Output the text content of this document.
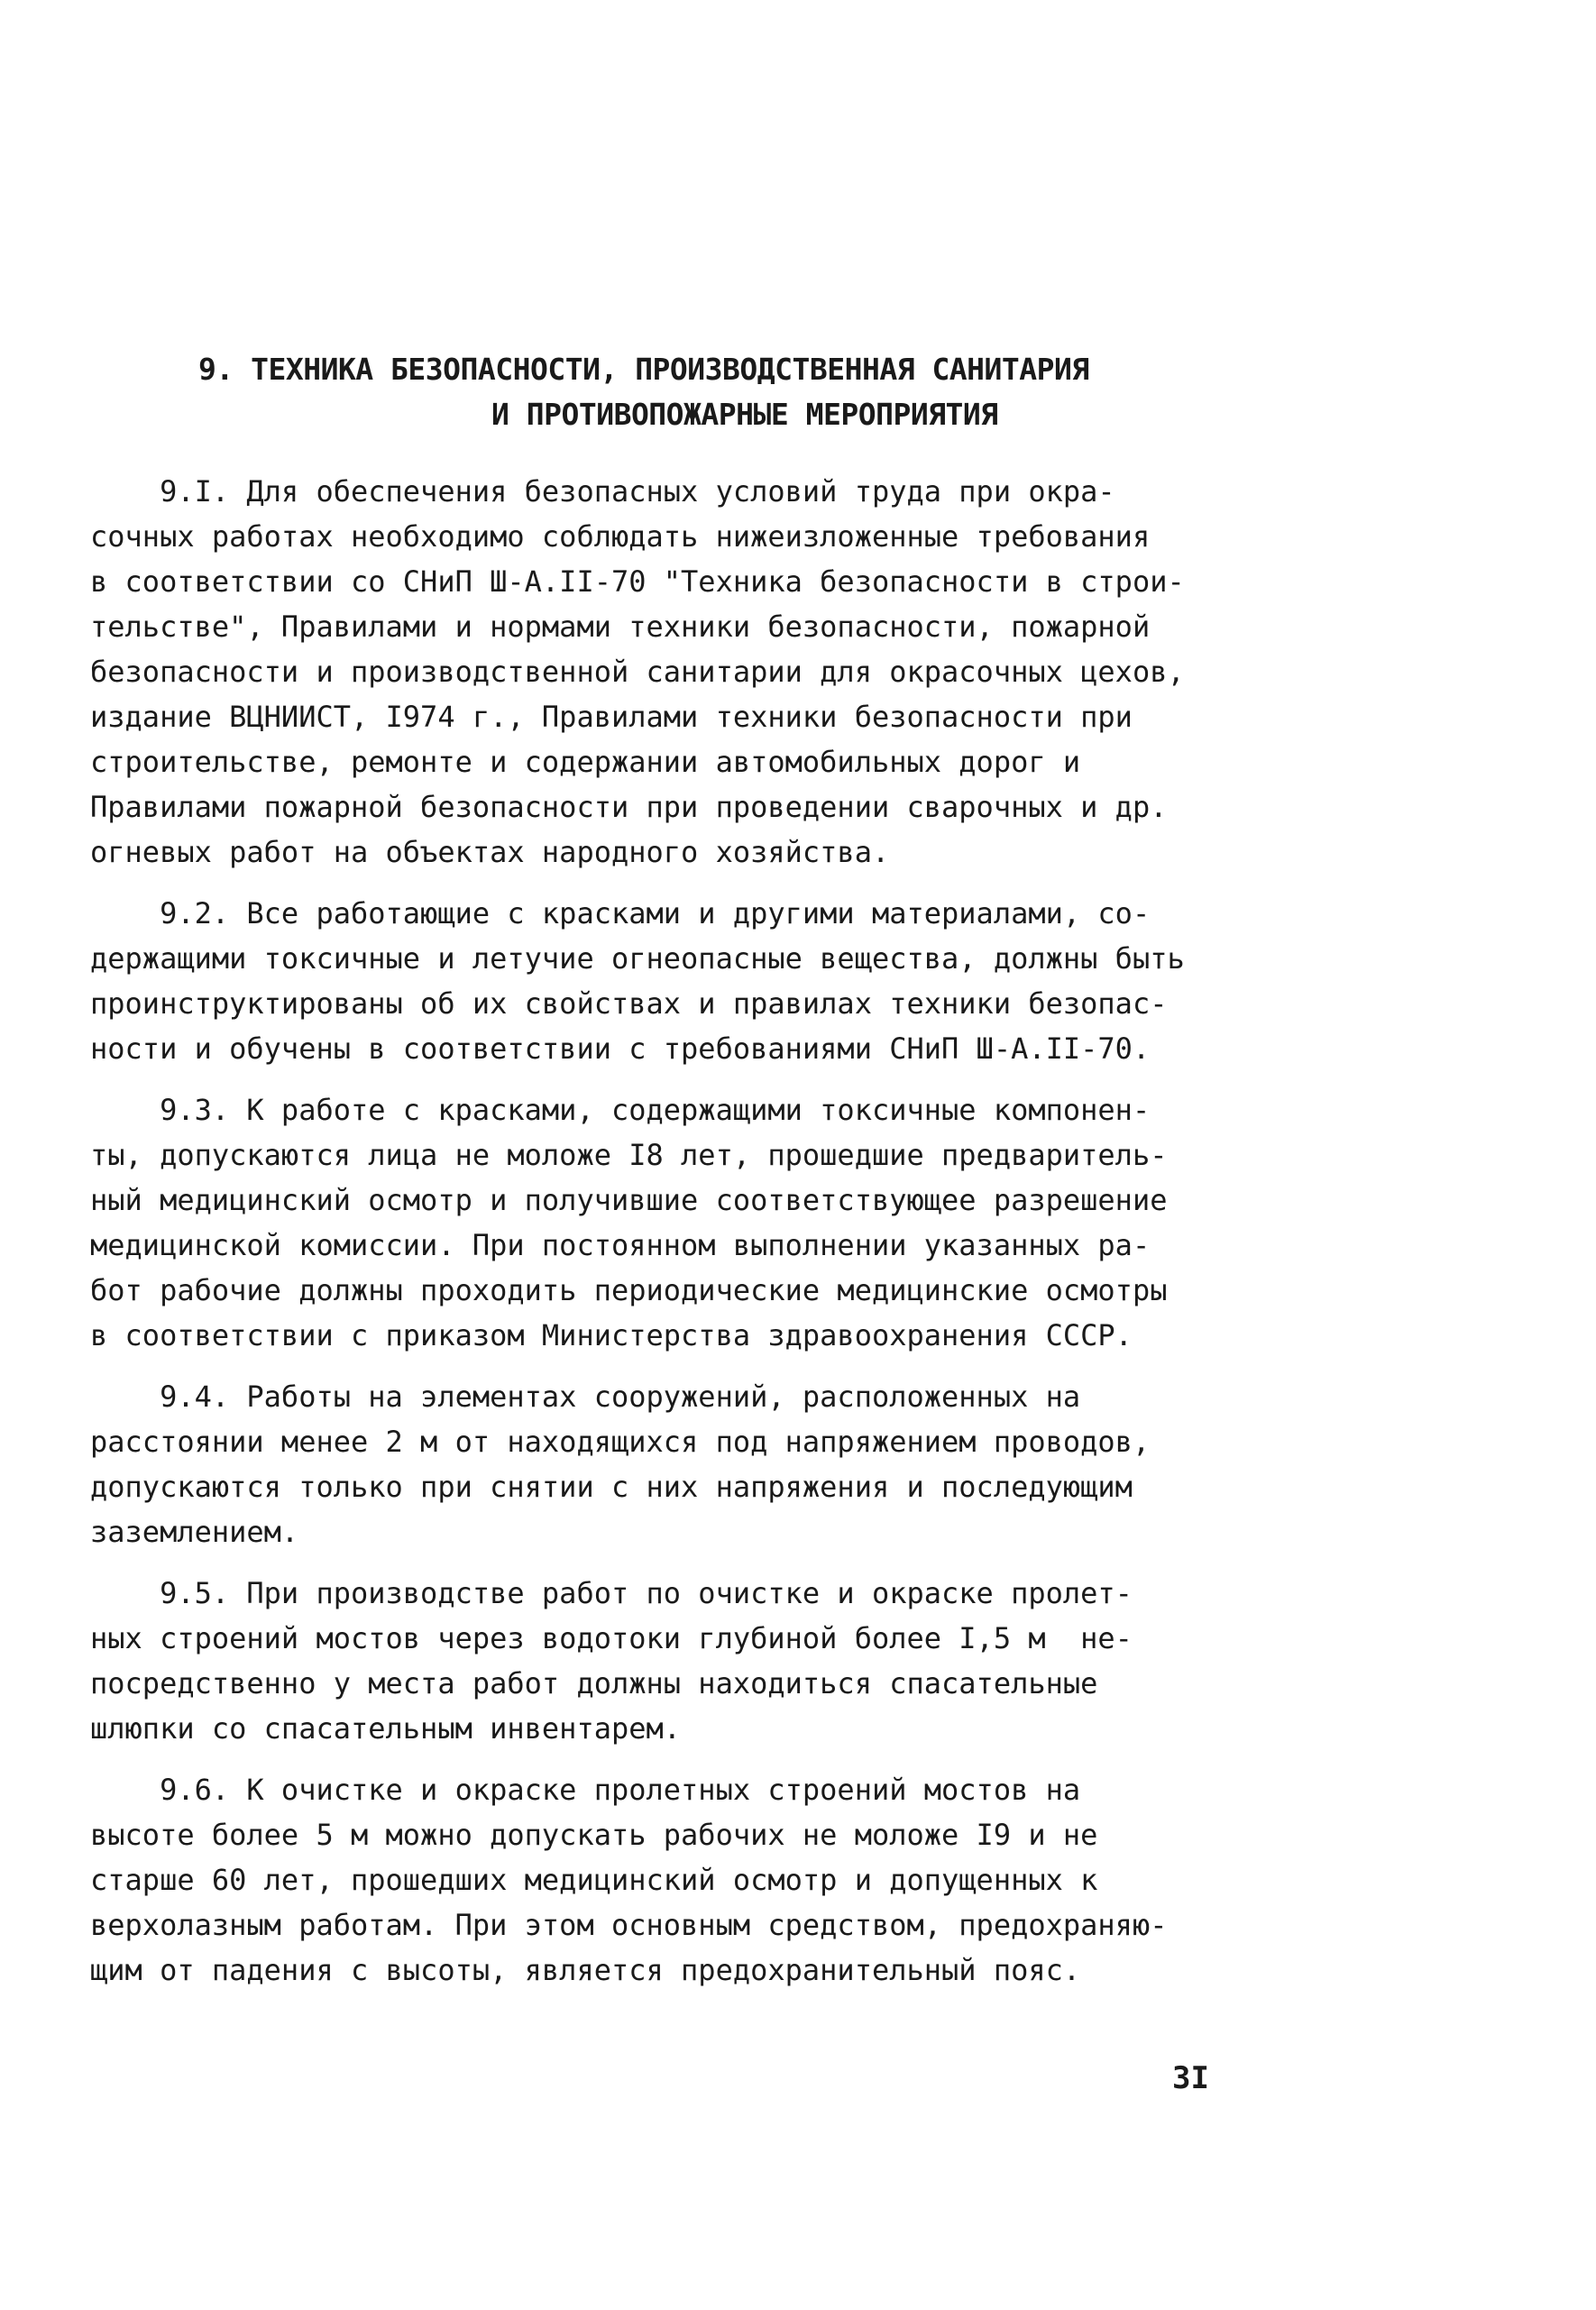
9. ТЕХНИКА БЕЗОПАСНОСТИ, ПРОИЗВОДСТВЕННАЯ САНИТАРИЯ
И ПРОТИВОПОЖАРНЫЕ МЕРОПРИЯТИЯ
9.I. Для обеспечения безопасных условий труда при окра-
сочных работах необходимо соблюдать нижеизложенные требования
в соответствии со СНиП Ш-А.II-70 "Техника безопасности в строи-
тельстве", Правилами и нормами техники безопасности, пожарной
безопасности и производственной санитарии для окрасочных цехов,
издание ВЦНИИСТ, I974 г., Правилами техники безопасности при
строительстве, ремонте и содержании автомобильных дорог и
Правилами пожарной безопасности при проведении сварочных и др.
огневых работ на объектах народного хозяйства.
9.2. Все работающие с красками и другими материалами, со-
держащими токсичные и летучие огнеопасные вещества, должны быть
проинструктированы об их свойствах и правилах техники безопас-
ности и обучены в соответствии с требованиями СНиП Ш-А.II-70.
9.3. К работе с красками, содержащими токсичные компонен-
ты, допускаются лица не моложе I8 лет, прошедшие предваритель-
ный медицинский осмотр и получившие соответствующее разрешение
медицинской комиссии. При постоянном выполнении указанных ра-
бот рабочие должны проходить периодические медицинские осмотры
в соответствии с приказом Министерства здравоохранения СССР.
9.4. Работы на элементах сооружений, расположенных на
расстоянии менее 2 м от находящихся под напряжением проводов,
допускаются только при снятии с них напряжения и последующим
заземлением.
9.5. При производстве работ по очистке и окраске пролет-
ных строений мостов через водотоки глубиной более I,5 м  не-
посредственно у места работ должны находиться спасательные
шлюпки со спасательным инвентарем.
9.6. К очистке и окраске пролетных строений мостов на
высоте более 5 м можно допускать рабочих не моложе I9 и не
старше 60 лет, прошедших медицинский осмотр и допущенных к
верхолазным работам. При этом основным средством, предохраняю-
щим от падения с высоты, является предохранительный пояс.
3I
